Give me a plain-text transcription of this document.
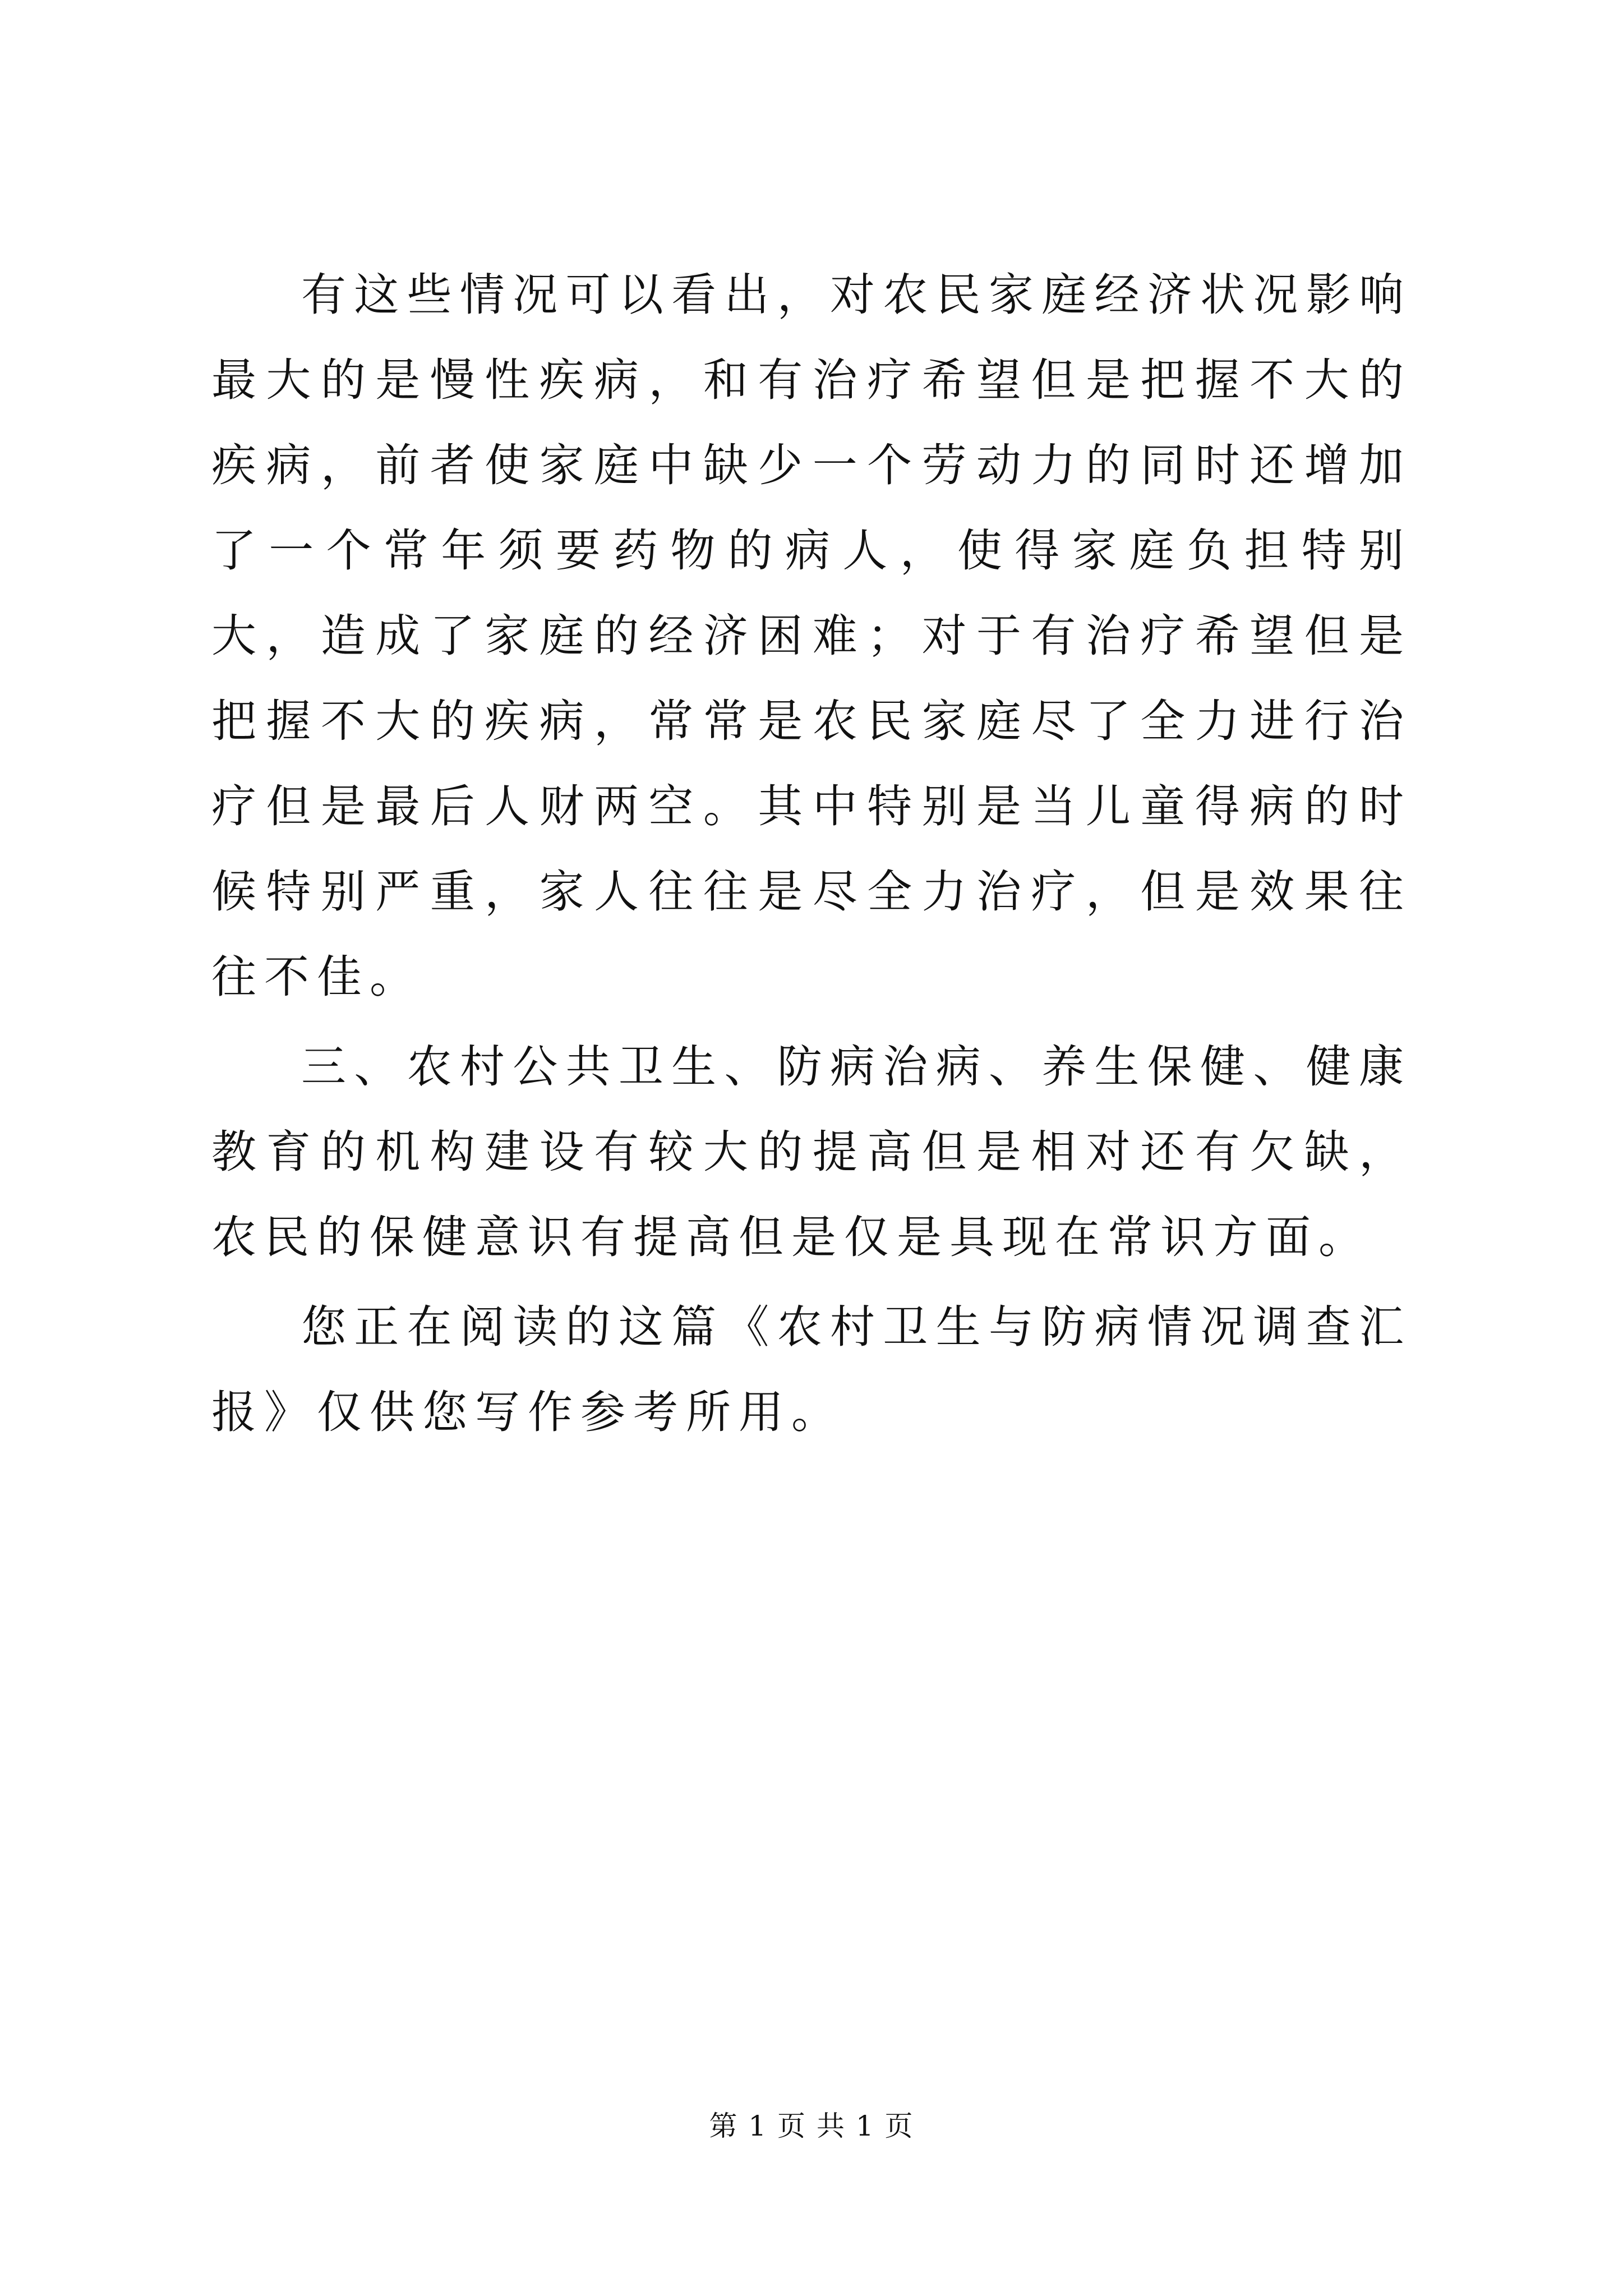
有这些情况可以看出，对农民家庭经济状况影响最大的是慢性疾病，和有治疗希望但是把握不大的疾病，前者使家庭中缺少一个劳动力的同时还增加了一个常年须要药物的病人，使得家庭负担特别大，造成了家庭的经济困难；对于有治疗希望但是把握不大的疾病，常常是农民家庭尽了全力进行治疗但是最后人财两空。其中特别是当儿童得病的时候特别严重，家人往往是尽全力治疗，但是效果往往不佳。

三、农村公共卫生、防病治病、养生保健、健康教育的机构建设有较大的提高但是相对还有欠缺，农民的保健意识有提高但是仅是具现在常识方面。

您正在阅读的这篇《农村卫生与防病情况调查汇报》仅供您写作参考所用。

第 1 页 共 1 页
